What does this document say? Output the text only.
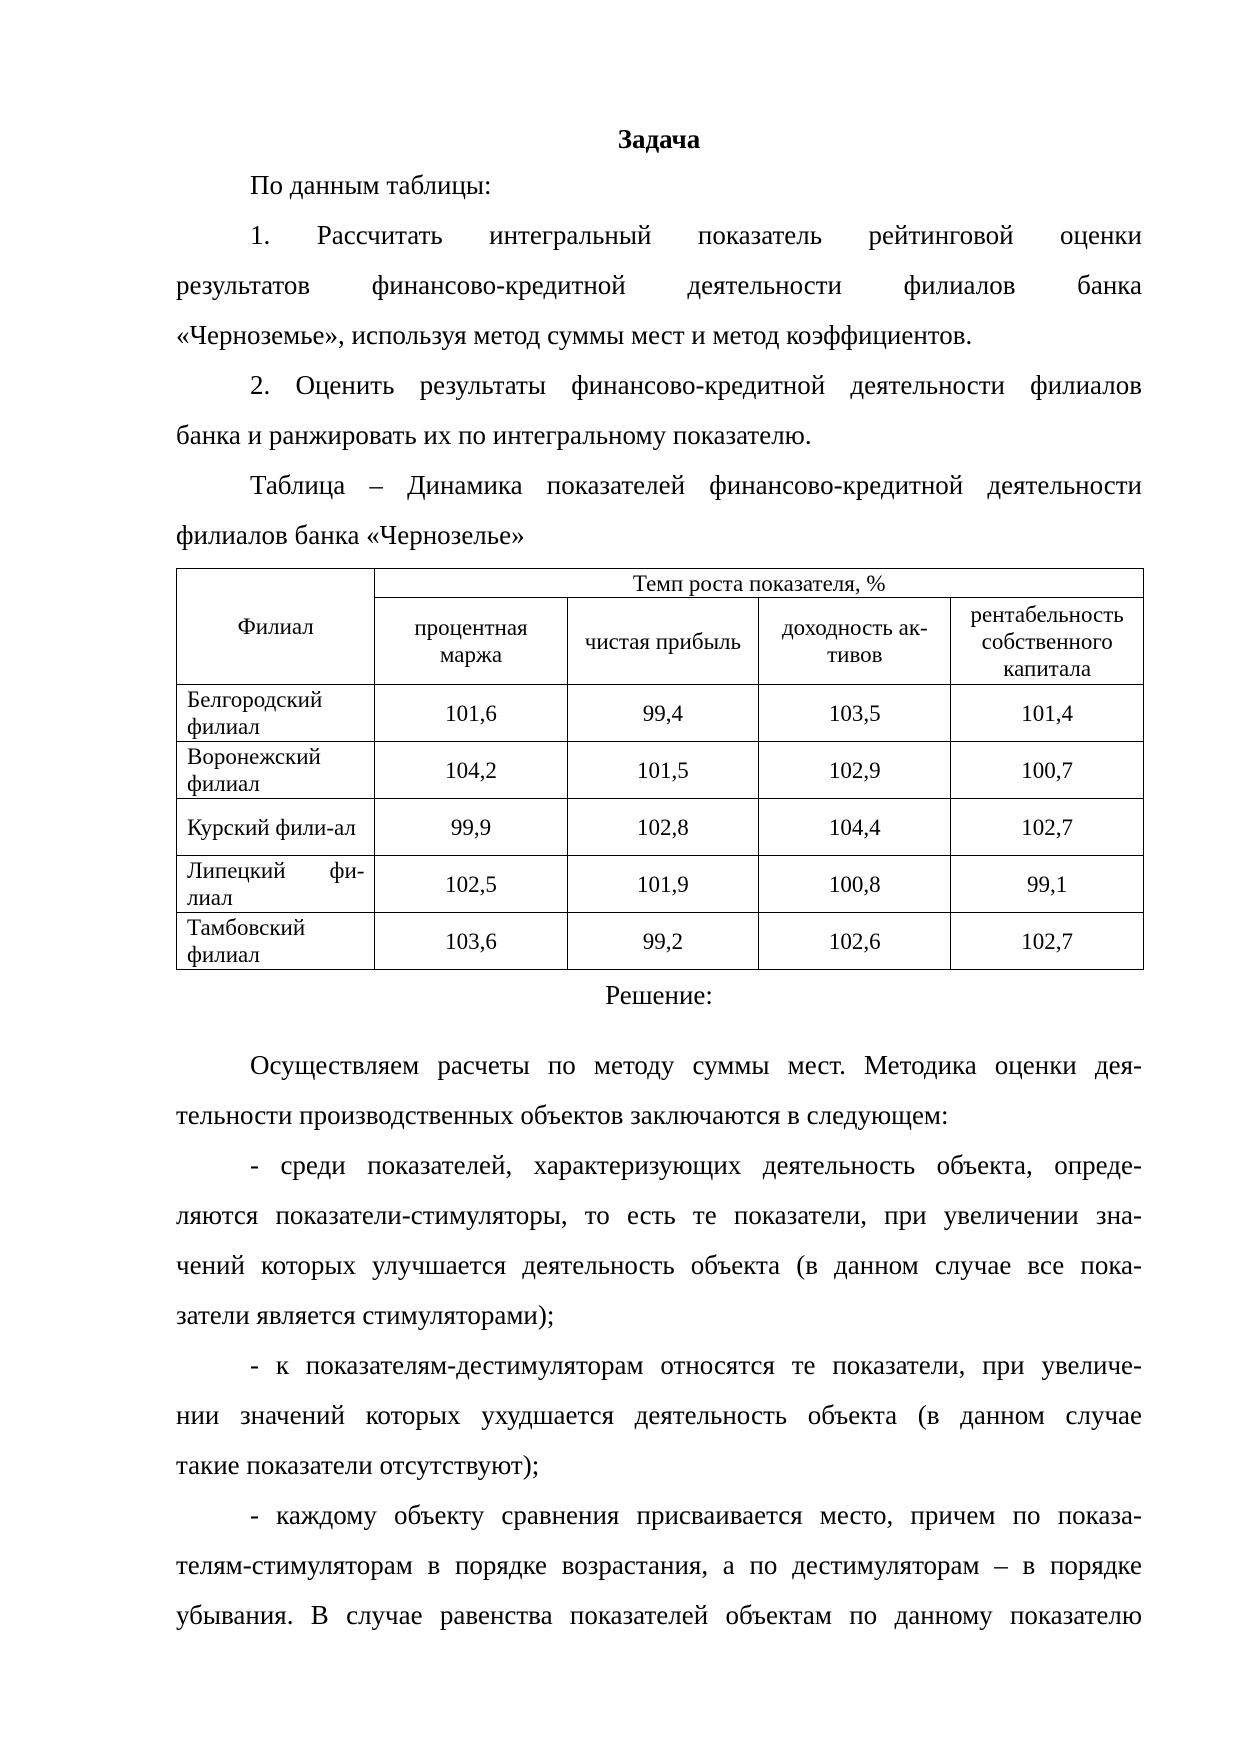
Задача
По данным таблицы:
1. Рассчитать интегральный показатель рейтинговой оценки
результатов финансово-кредитной деятельности филиалов банка
«Черноземье», используя метод суммы мест и метод коэффициентов.
2. Оценить результаты финансово-кредитной деятельности филиалов
банка и ранжировать их по интегральному показателю.
Таблица – Динамика показателей финансово-кредитной деятельности
филиалов банка «Чернозелье»
Филиал	Темп роста показателя, %			
	процентная маржа	чистая прибыль	доходность ак-тивов	рентабельность собственного капитала
Белгородский филиал	101,6	99,4	103,5	101,4
Воронежский филиал	104,2	101,5	102,9	100,7
Курский фили-ал	99,9	102,8	104,4	102,7
Липецкий фи-лиал	102,5	101,9	100,8	99,1
Тамбовский филиал	103,6	99,2	102,6	102,7
Решение:
Осуществляем расчеты по методу суммы мест. Методика оценки дея-
тельности производственных объектов заключаются в следующем:
- среди показателей, характеризующих деятельность объекта, опреде-
ляются показатели-стимуляторы, то есть те показатели, при увеличении зна-
чений которых улучшается деятельность объекта (в данном случае все пока-
затели является стимуляторами);
- к показателям-дестимуляторам относятся те показатели, при увеличе-
нии значений которых ухудшается деятельность объекта (в данном случае
такие показатели отсутствуют);
- каждому объекту сравнения присваивается место, причем по показа-
телям-стимуляторам в порядке возрастания, а по дестимуляторам – в порядке
убывания. В случае равенства показателей объектам по данному показателю
